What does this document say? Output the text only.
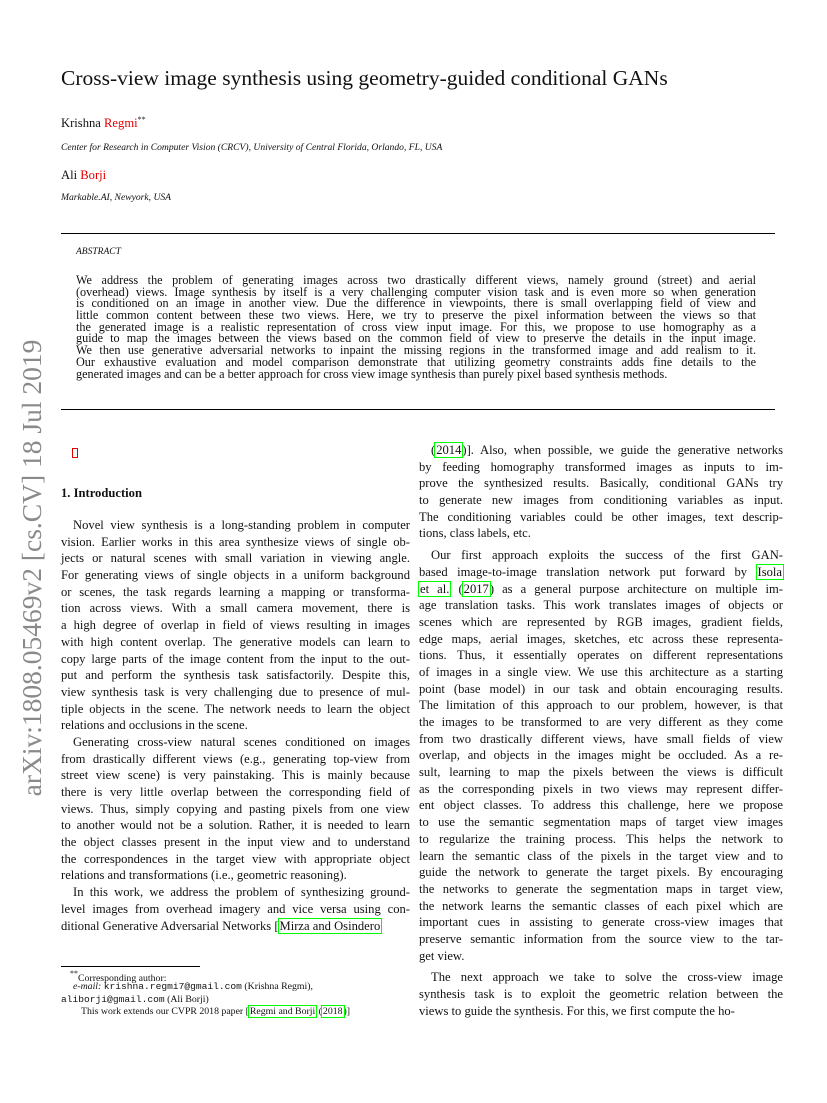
arXiv:1808.05469v2 [cs.CV] 18 Jul 2019
Cross-view image synthesis using geometry-guided conditional GANs
Krishna Regmi**
Center for Research in Computer Vision (CRCV), University of Central Florida, Orlando, FL, USA
Ali Borji
Markable.AI, Newyork, USA
ABSTRACT
We address the problem of generating images across two drastically different views, namely ground (street) and aerial
(overhead) views. Image synthesis by itself is a very challenging computer vision task and is even more so when generation
is conditioned on an image in another view. Due the difference in viewpoints, there is small overlapping field of view and
little common content between these two views. Here, we try to preserve the pixel information between the views so that
the generated image is a realistic representation of cross view input image. For this, we propose to use homography as a
guide to map the images between the views based on the common field of view to preserve the details in the input image.
We then use generative adversarial networks to inpaint the missing regions in the transformed image and add realism to it.
Our exhaustive evaluation and model comparison demonstrate that utilizing geometry constraints adds fine details to the
generated images and can be a better approach for cross view image synthesis than purely pixel based synthesis methods.
1. Introduction
Novel view synthesis is a long-standing problem in computer
vision. Earlier works in this area synthesize views of single ob-
jects or natural scenes with small variation in viewing angle.
For generating views of single objects in a uniform background
or scenes, the task regards learning a mapping or transforma-
tion across views. With a small camera movement, there is
a high degree of overlap in field of views resulting in images
with high content overlap. The generative models can learn to
copy large parts of the image content from the input to the out-
put and perform the synthesis task satisfactorily. Despite this,
view synthesis task is very challenging due to presence of mul-
tiple objects in the scene. The network needs to learn the object
relations and occlusions in the scene.
Generating cross-view natural scenes conditioned on images
from drastically different views (e.g., generating top-view from
street view scene) is very painstaking. This is mainly because
there is very little overlap between the corresponding field of
views. Thus, simply copying and pasting pixels from one view
to another would not be a solution. Rather, it is needed to learn
the object classes present in the input view and to understand
the correspondences in the target view with appropriate object
relations and transformations (i.e., geometric reasoning).
In this work, we address the problem of synthesizing ground-
level images from overhead imagery and vice versa using con-
ditional Generative Adversarial Networks [Mirza and Osindero
(2014)]. Also, when possible, we guide the generative networks
by feeding homography transformed images as inputs to im-
prove the synthesized results. Basically, conditional GANs try
to generate new images from conditioning variables as input.
The conditioning variables could be other images, text descrip-
tions, class labels, etc.
Our first approach exploits the success of the first GAN-
based image-to-image translation network put forward by Isola
et al. (2017) as a general purpose architecture on multiple im-
age translation tasks. This work translates images of objects or
scenes which are represented by RGB images, gradient fields,
edge maps, aerial images, sketches, etc across these representa-
tions. Thus, it essentially operates on different representations
of images in a single view. We use this architecture as a starting
point (base model) in our task and obtain encouraging results.
The limitation of this approach to our problem, however, is that
the images to be transformed to are very different as they come
from two drastically different views, have small fields of view
overlap, and objects in the images might be occluded. As a re-
sult, learning to map the pixels between the views is difficult
as the corresponding pixels in two views may represent differ-
ent object classes. To address this challenge, here we propose
to use the semantic segmentation maps of target view images
to regularize the training process. This helps the network to
learn the semantic class of the pixels in the target view and to
guide the network to generate the target pixels. By encouraging
the networks to generate the segmentation maps in target view,
the network learns the semantic classes of each pixel which are
important cues in assisting to generate cross-view images that
preserve semantic information from the source view to the tar-
get view.
The next approach we take to solve the cross-view image
synthesis task is to exploit the geometric relation between the
views to guide the synthesis. For this, we first compute the ho-
**Corresponding author:
e-mail: krishna.regmi7@gmail.com (Krishna Regmi),
aliborji@gmail.com (Ali Borji)
This work extends our CVPR 2018 paper [Regmi and Borji (2018)]
